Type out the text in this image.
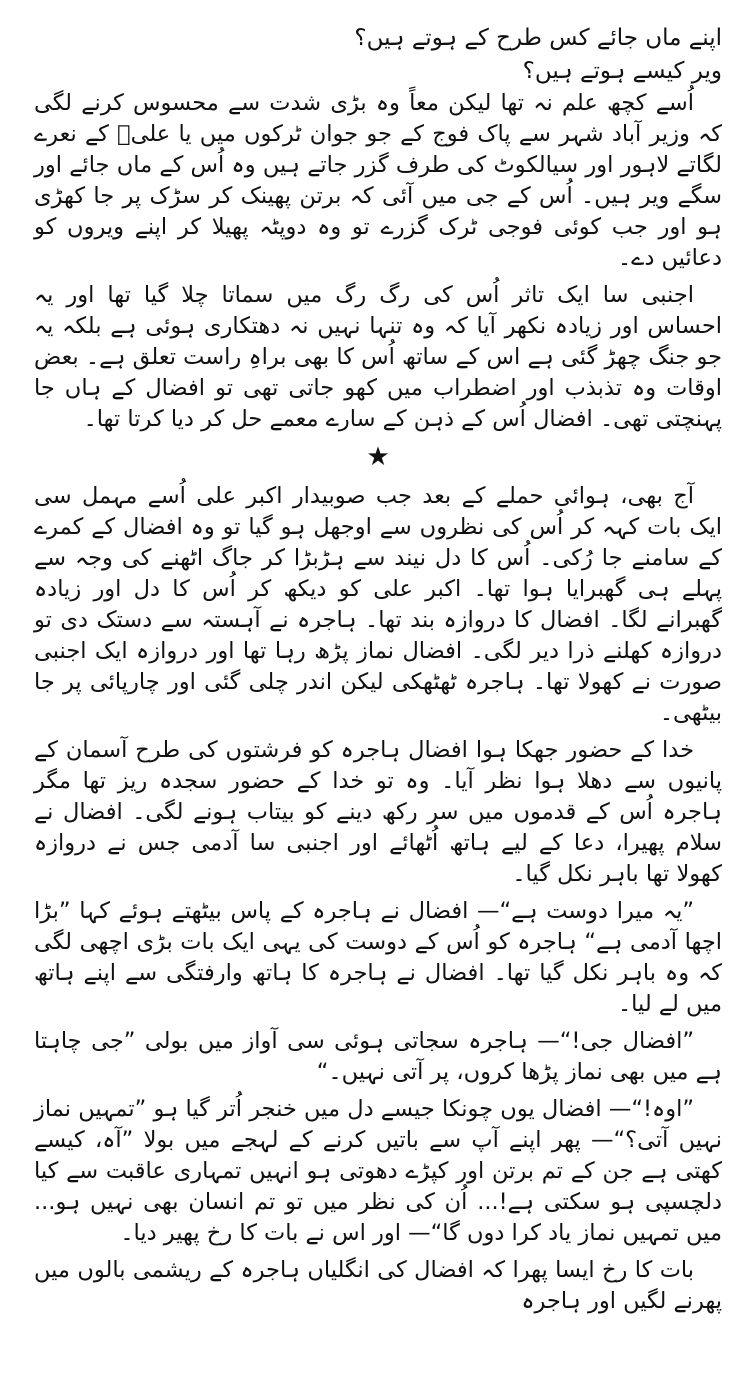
اپنے ماں جائے کس طرح کے ہوتے ہیں؟

ویر کیسے ہوتے ہیں؟

اُسے کچھ علم نہ تھا لیکن معاً وہ بڑی شدت سے محسوس کرنے لگی کہ وزیر آباد شہر سے پاک فوج کے جو جوان ٹرکوں میں یا علیؑ کے نعرے لگاتے لاہور اور سیالکوٹ کی طرف گزر جاتے ہیں وہ اُس کے ماں جائے اور سگے ویر ہیں۔ اُس کے جی میں آئی کہ برتن پھینک کر سڑک پر جا کھڑی ہو اور جب کوئی فوجی ٹرک گزرے تو وہ دوپٹہ پھیلا کر اپنے ویروں کو دعائیں دے۔

اجنبی سا ایک تاثر اُس کی رگ رگ میں سماتا چلا گیا تھا اور یہ احساس اور زیادہ نکھر آیا کہ وہ تنہا نہیں نہ دھتکاری ہوئی ہے بلکہ یہ جو جنگ چھڑ گئی ہے اس کے ساتھ اُس کا بھی براہِ راست تعلق ہے۔ بعض اوقات وہ تذبذب اور اضطراب میں کھو جاتی تھی تو افضال کے ہاں جا پہنچتی تھی۔ افضال اُس کے ذہن کے سارے معمے حل کر دیا کرتا تھا۔

★

آج بھی، ہوائی حملے کے بعد جب صوبیدار اکبر علی اُسے مہمل سی ایک بات کہہ کر اُس کی نظروں سے اوجھل ہو گیا تو وہ افضال کے کمرے کے سامنے جا رُکی۔ اُس کا دل نیند سے ہڑبڑا کر جاگ اٹھنے کی وجہ سے پہلے ہی گھبرایا ہوا تھا۔ اکبر علی کو دیکھ کر اُس کا دل اور زیادہ گھبرانے لگا۔ افضال کا دروازہ بند تھا۔ ہاجرہ نے آہستہ سے دستک دی تو دروازہ کھلنے ذرا دیر لگی۔ افضال نماز پڑھ رہا تھا اور دروازہ ایک اجنبی صورت نے کھولا تھا۔ ہاجرہ ٹھٹھکی لیکن اندر چلی گئی اور چارپائی پر جا بیٹھی۔

خدا کے حضور جھکا ہوا افضال ہاجرہ کو فرشتوں کی طرح آسمان کے پانیوں سے دھلا ہوا نظر آیا۔ وہ تو خدا کے حضور سجدہ ریز تھا مگر ہاجرہ اُس کے قدموں میں سر رکھ دینے کو بیتاب ہونے لگی۔ افضال نے سلام پھیرا، دعا کے لیے ہاتھ اُٹھائے اور اجنبی سا آدمی جس نے دروازہ کھولا تھا باہر نکل گیا۔

”یہ میرا دوست ہے“— افضال نے ہاجرہ کے پاس بیٹھتے ہوئے کہا ”بڑا اچھا آدمی ہے“ ہاجرہ کو اُس کے دوست کی یہی ایک بات بڑی اچھی لگی کہ وہ باہر نکل گیا تھا۔ افضال نے ہاجرہ کا ہاتھ وارفتگی سے اپنے ہاتھ میں لے لیا۔

”افضال جی!“— ہاجرہ سجاتی ہوئی سی آواز میں بولی ”جی چاہتا ہے میں بھی نماز پڑھا کروں، پر آتی نہیں۔“

”اوہ!“— افضال یوں چونکا جیسے دل میں خنجر اُتر گیا ہو ”تمہیں نماز نہیں آتی؟“— پھر اپنے آپ سے باتیں کرنے کے لہجے میں بولا ”آہ، کیسے کھتی ہے جن کے تم برتن اور کپڑے دھوتی ہو انہیں تمہاری عاقبت سے کیا دلچسپی ہو سکتی ہے!... اُن کی نظر میں تو تم انسان بھی نہیں ہو... میں تمہیں نماز یاد کرا دوں گا“— اور اس نے بات کا رخ پھیر دیا۔

بات کا رخ ایسا پھرا کہ افضال کی انگلیاں ہاجرہ کے ریشمی بالوں میں پھرنے لگیں اور ہاجرہ
